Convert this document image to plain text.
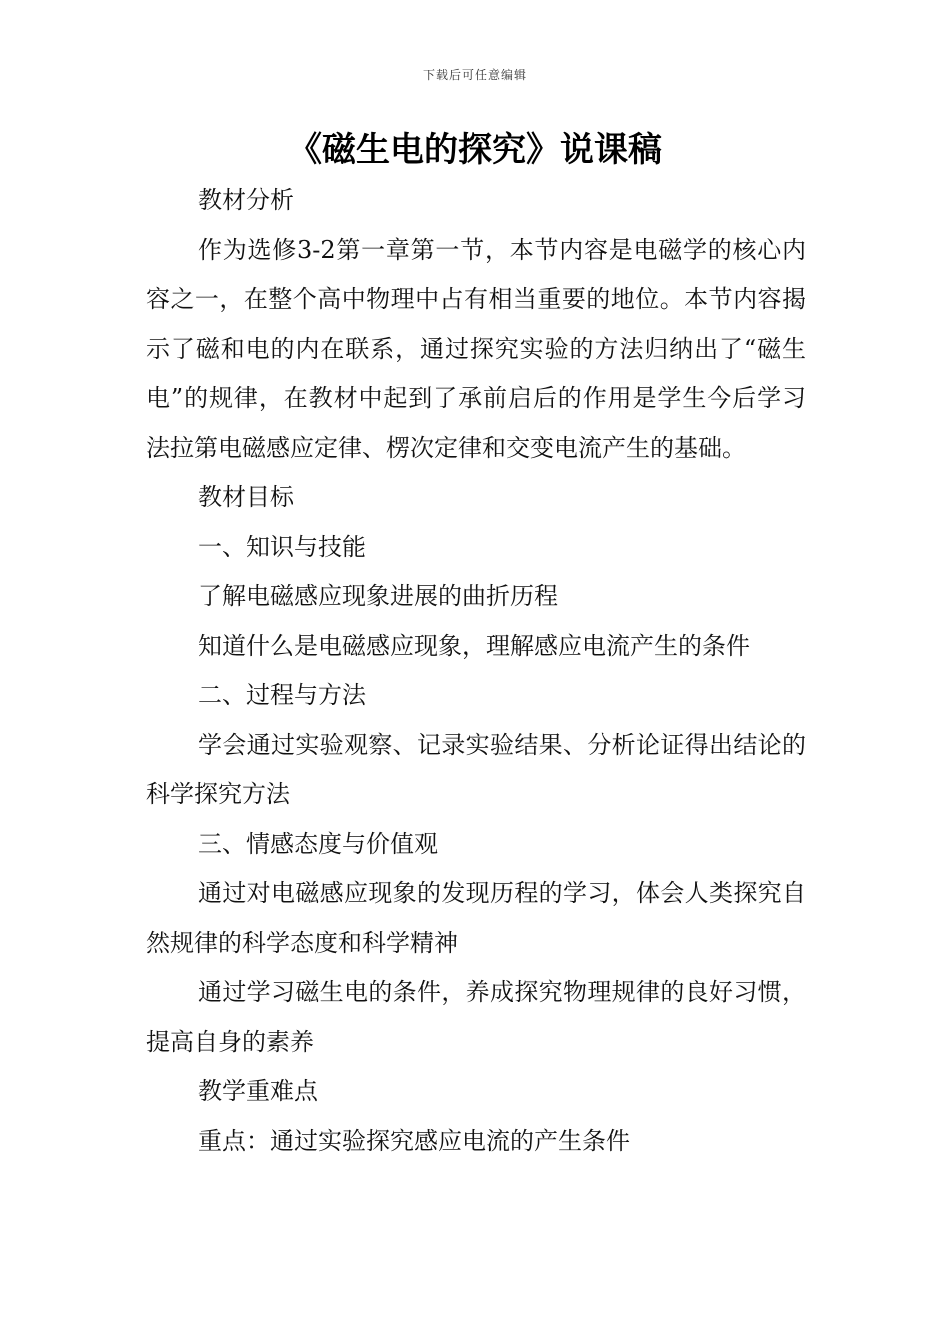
下载后可任意编辑
《磁生电的探究》说课稿

教材分析

作为选修3-2第一章第一节，本节内容是电磁学的核心内容之一，在整个高中物理中占有相当重要的地位。本节内容揭示了磁和电的内在联系，通过探究实验的方法归纳出了“磁生电”的规律，在教材中起到了承前启后的作用是学生今后学习法拉第电磁感应定律、楞次定律和交变电流产生的基础。

教材目标

一、知识与技能

了解电磁感应现象进展的曲折历程

知道什么是电磁感应现象，理解感应电流产生的条件

二、过程与方法

学会通过实验观察、记录实验结果、分析论证得出结论的科学探究方法

三、情感态度与价值观

通过对电磁感应现象的发现历程的学习，体会人类探究自然规律的科学态度和科学精神

通过学习磁生电的条件，养成探究物理规律的良好习惯，提高自身的素养

教学重难点

重点：通过实验探究感应电流的产生条件
